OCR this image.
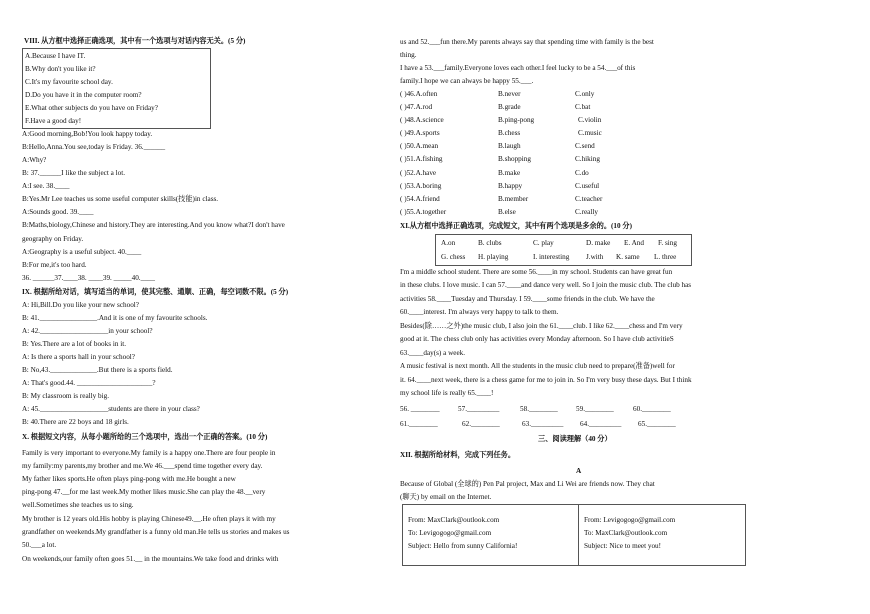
VIII. 从方框中选择正确选项，其中有一个选项与对话内容无关。(5 分)
A.Because I have IT.
B.Why don't you like it?
C.It's my favourite school day.
D.Do you have it in the computer room?
E.What other subjects do you have on Friday?
F.Have a good day!
A:Good morning,Bob!You look happy today.
B:Hello,Anna.You see,today is Friday. 36.______
A:Why?
B: 37.______I like the subject a lot.
A:I see. 38.____
B:Yes.Mr Lee teaches us some useful computer skills(技能)in class.
A:Sounds good. 39.____
B:Maths,biology,Chinese and history.They are interesting.And you know what?I don't have
geography on Friday.
A:Geography is a useful subject. 40.____
B:For me,it's too hard.
36. ______37.____38. ____39. _____40.____
IX. 根据所给对话，填写适当的单词，使其完整、通顺、正确，每空词数不限。(5 分)
A: Hi,Bill.Do you like your new school?
B: 41.________________.And it is one of my favourite schools.
A: 42.___________________in your school?
B: Yes.There are a lot of books in it.
A: Is there a sports hall in your school?
B: No,43._____________.But there is a sports field.
A: That's good.44. _____________________?
B: My classroom is really big.
A: 45.___________________students are there in your class?
B: 40.There are 22 boys and 18 girls.
X. 根据短文内容，从每小题所给的三个选项中，选出一个正确的答案。(10 分)
Family is very important to everyone.My family is a happy one.There are four people in
my family:my parents,my brother and me.We 46.___spend time together every day.
My father likes sports.He often plays ping-pong with me.He bought a new
ping-pong 47.__for me last week.My mother likes music.She can play the 48.__very
well.Sometimes she teaches us to sing.
My brother is 12 years old.His hobby is playing Chinese49.__.He often plays it with my
grandfather on weekends.My grandfather is a funny old man.He tells us stories and makes us
50.___a lot.
On weekends,our family often goes 51.__ in the mountains.We take food and drinks with
us and 52.___fun there.My parents always say that spending time with family is the best
thing.
I have a 53.___family.Everyone loves each other.I feel lucky to be a 54.___of this
family.I hope we can always be happy 55.___.
( )46.A.often	B.never	C.only
( )47.A.rod	B.grade	C.bat
( )48.A.science	B.ping-pong	C.violin
( )49.A.sports	B.chess	C.music
( )50.A.mean	B.laugh	C.send
( )51.A.fishing	B.shopping	C.hiking
( )52.A.have	B.make	C.do
( )53.A.boring	B.happy	C.useful
( )54.A.friend	B.member	C.teacher
( )55.A.together	B.else	C.really
XI.从方框中选择正确选项，完成短文，其中有两个选项是多余的。(10 分)
A.on	B. clubs	C. play	D. make E. And F. sing
G. chess H. playing	I. interesting J.with K. same L. three
I'm a middle school student. There are some 56.____in my school. Students can have great fun
in these clubs. I love music. I can 57.____and dance very well. So I join the music club. The club has
activities 58.____Tuesday and Thursday. I 59.____some friends in the club. We have the
60.____interest. I'm always very happy to talk to them.
Besides(除……之外)the music club, I also join the 61.____club. I like 62.____chess and I'm very
good at it. The chess club only has activities every Monday afternoon. So I have club activitieS
63.____day(s) a week.
A music festival is next month. All the students in the music club need to prepare(准备)well for
it. 64.____next week, there is a chess game for me to join in. So I'm very busy these days. But I think
my school life is really 65.____!
56. ________	57._________	58.________	59.________	60.________
61.________	62.________	63._________ 64._________ 65.________
三、阅读理解（40 分）
XII. 根据所给材料，完成下列任务。
A
Because of Global (全球的) Pen Pal project, Max and Li Wei are friends now. They chat
(聊天) by email on the Internet.
From: MaxClark@outlook.com
To: Levigogogo@gmail.com
Subject: Hello from sunny California!
From: Levigogogo@gmail.com
To: MaxClark@outlook.com
Subject: Nice to meet you!
